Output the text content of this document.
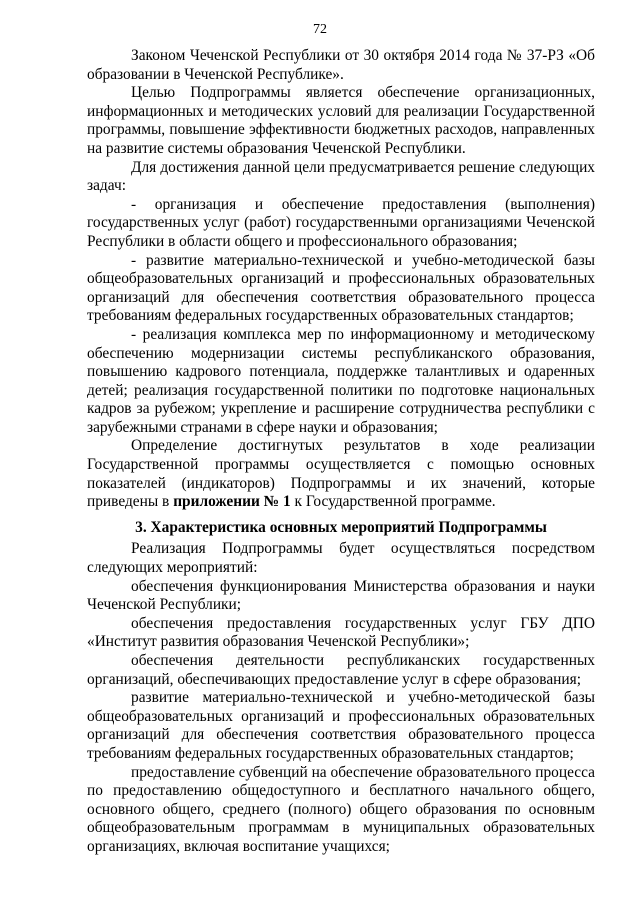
72

Законом Чеченской Республики от 30 октября 2014 года № 37-РЗ «Об образовании в Чеченской Республике».

Целью Подпрограммы является обеспечение организационных, информационных и методических условий для реализации Государственной программы, повышение эффективности бюджетных расходов, направленных на развитие системы образования Чеченской Республики.

Для достижения данной цели предусматривается решение следующих задач:

- организация и обеспечение предоставления (выполнения) государственных услуг (работ) государственными организациями Чеченской Республики в области общего и профессионального образования;

- развитие материально-технической и учебно-методической базы общеобразовательных организаций и профессиональных образовательных организаций для обеспечения соответствия образовательного процесса требованиям федеральных государственных образовательных стандартов;

- реализация комплекса мер по информационному и методическому обеспечению модернизации системы республиканского образования, повышению кадрового потенциала, поддержке талантливых и одаренных детей; реализация государственной политики по подготовке национальных кадров за рубежом; укрепление и расширение сотрудничества республики с зарубежными странами в сфере науки и образования;

Определение достигнутых результатов в ходе реализации Государственной программы осуществляется с помощью основных показателей (индикаторов) Подпрограммы и их значений, которые приведены в приложении № 1 к Государственной программе.

3. Характеристика основных мероприятий Подпрограммы

Реализация Подпрограммы будет осуществляться посредством следующих мероприятий:

обеспечения функционирования Министерства образования и науки Чеченской Республики;

обеспечения предоставления государственных услуг ГБУ ДПО «Институт развития образования Чеченской Республики»;

обеспечения деятельности республиканских государственных организаций, обеспечивающих предоставление услуг в сфере образования;

развитие материально-технической и учебно-методической базы общеобразовательных организаций и профессиональных образовательных организаций для обеспечения соответствия образовательного процесса требованиям федеральных государственных образовательных стандартов;

предоставление субвенций на обеспечение образовательного процесса по предоставлению общедоступного и бесплатного начального общего, основного общего, среднего (полного) общего образования по основным общеобразовательным программам в муниципальных образовательных организациях, включая воспитание учащихся;
